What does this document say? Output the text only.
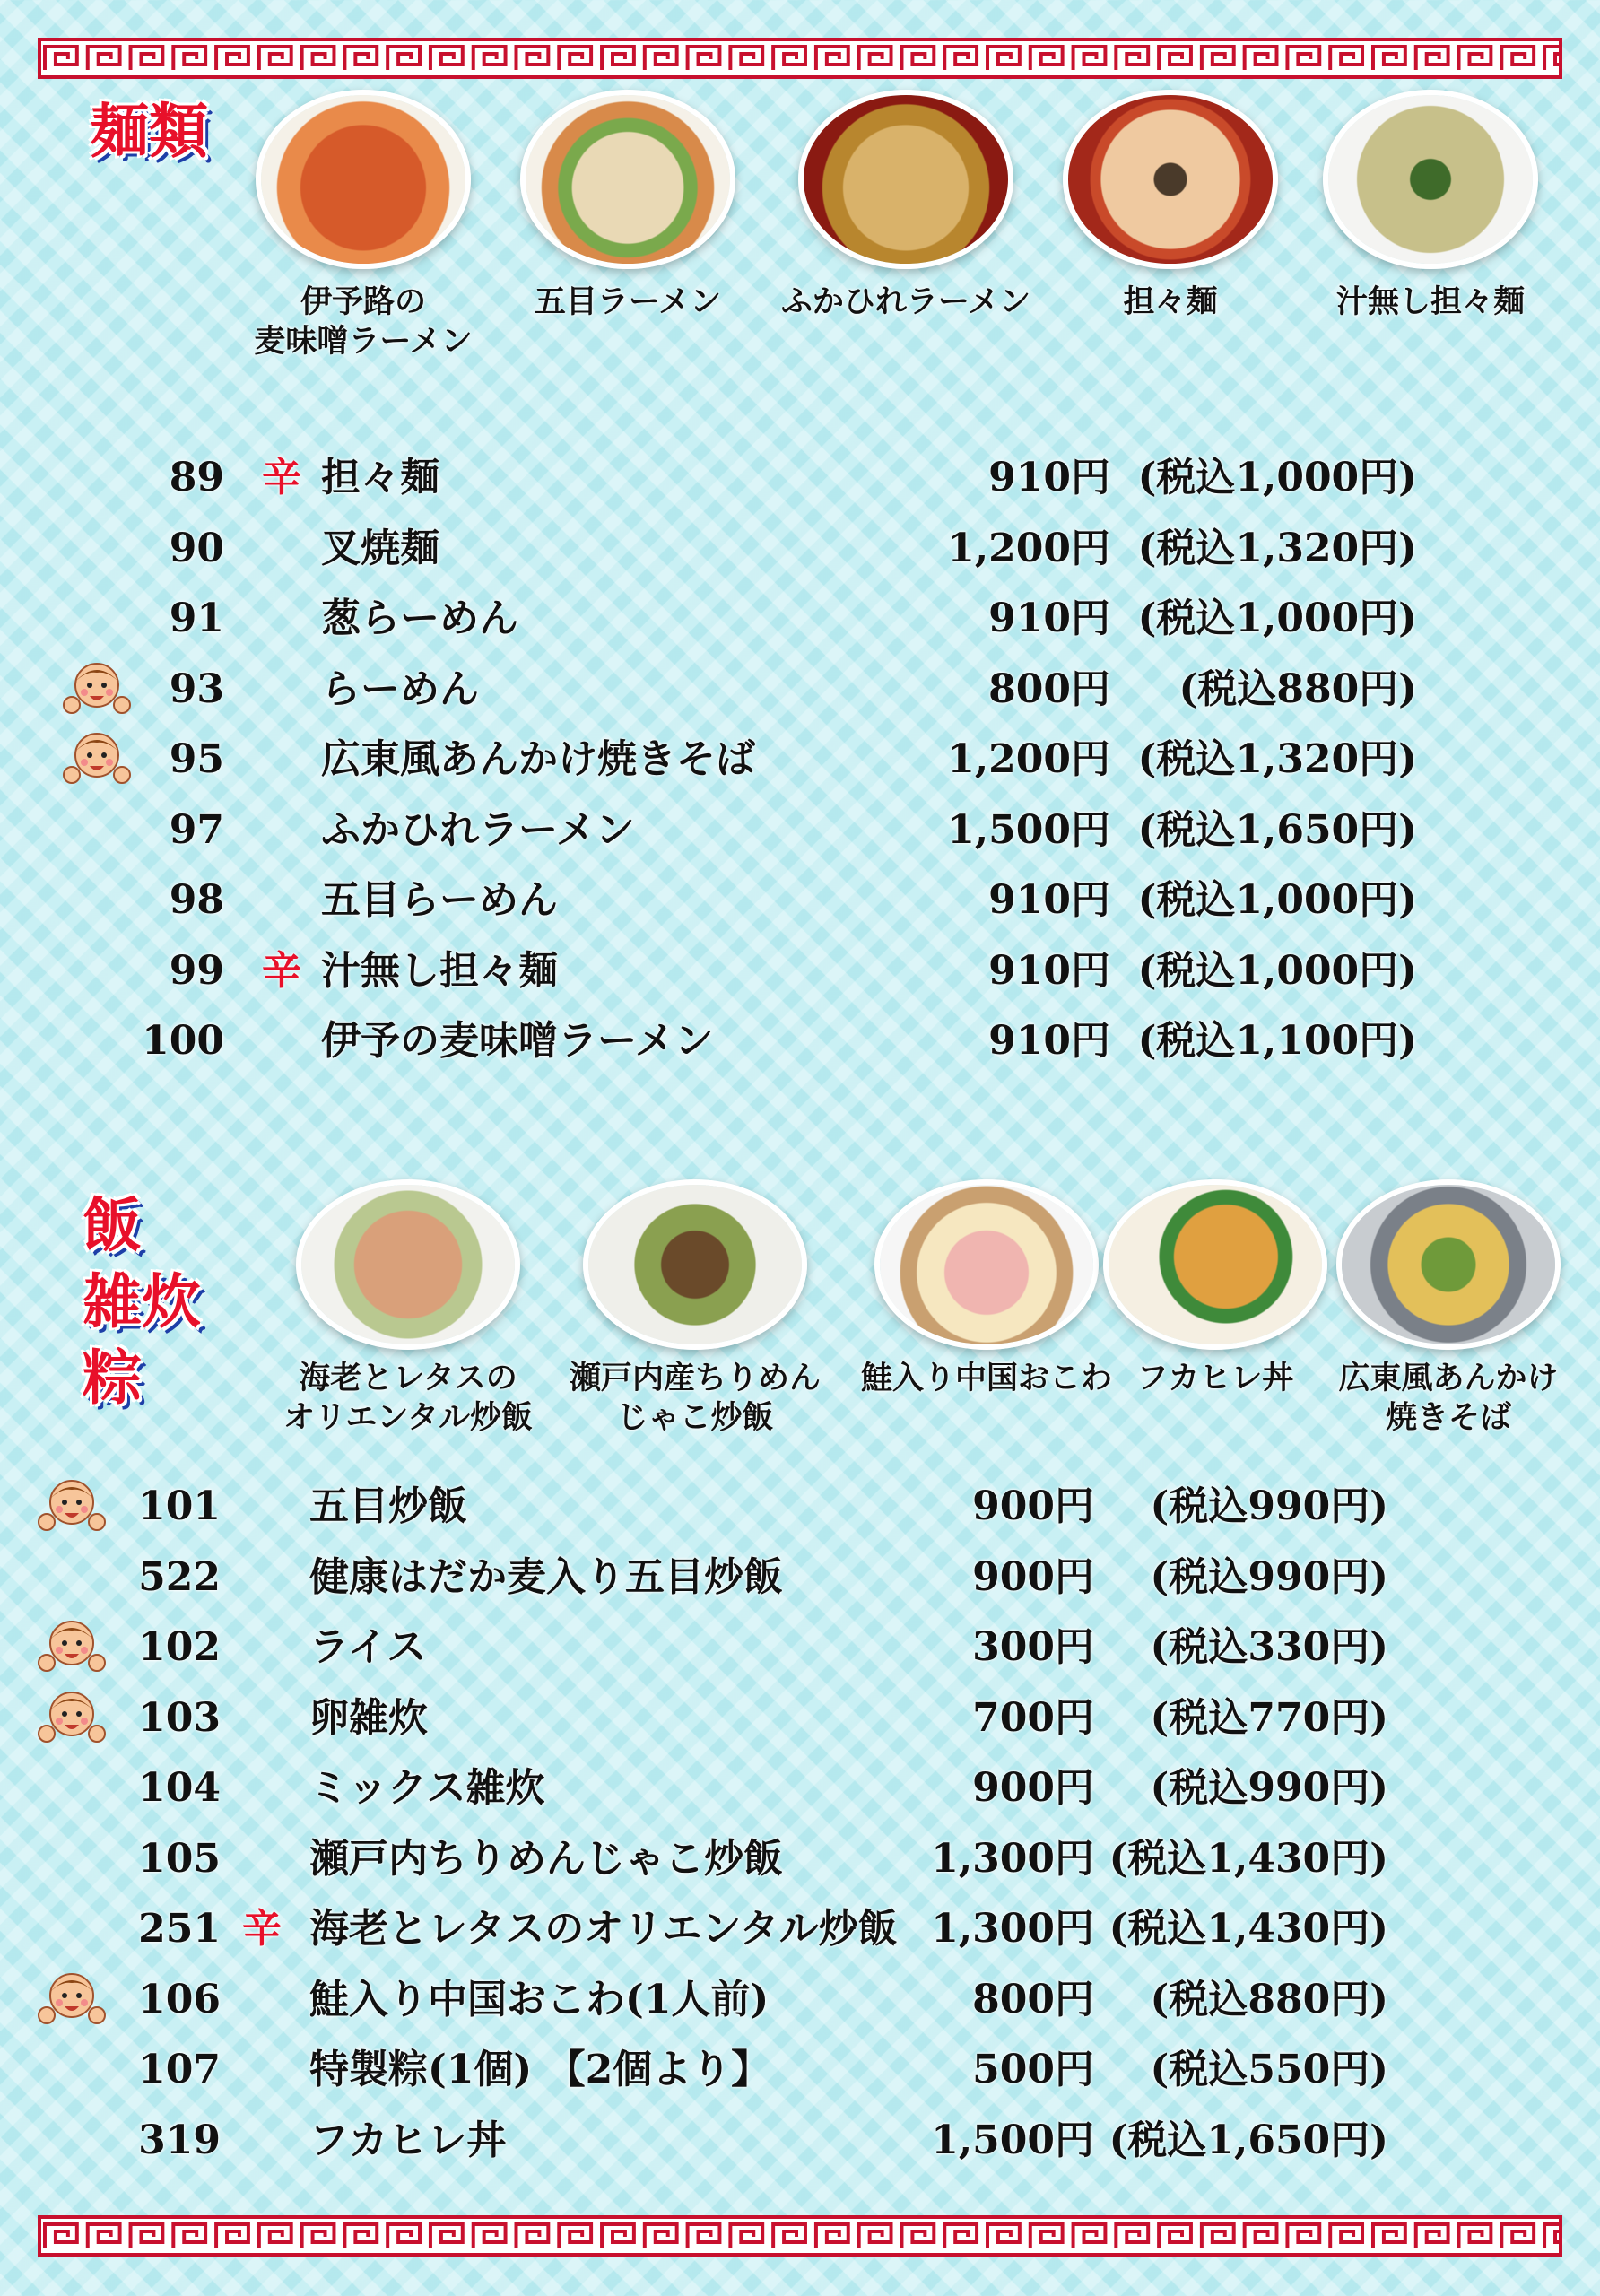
麺類
伊予路の
麦味噌ラーメン
五目ラーメン	ふかひれラーメン	担々麺	汁無し担々麺
89 辛 担々麺	910円 (税込1,000円)
90 叉焼麺	1,200円 (税込1,320円)
91 葱らーめん	910円 (税込1,000円)
93 らーめん	800円 (税込880円)
95 広東風あんかけ焼きそば	1,200円 (税込1,320円)
97 ふかひれラーメン	1,500円 (税込1,650円)
98 五目らーめん	910円 (税込1,000円)
99 辛 汁無し担々麺	910円 (税込1,000円)
100 伊予の麦味噌ラーメン	910円 (税込1,100円)
飯
雑炊
粽	海老とレタスの
オリエンタル炒飯
瀬戸内産ちりめん
じゃこ炒飯
鮭入り中国おこわ フカヒレ丼	広東風あんかけ
焼きそば
101 五目炒飯	900円 (税込990円)
522 健康はだか麦入り五目炒飯	900円 (税込990円)
102 ライス	300円 (税込330円)
103 卵雑炊	700円 (税込770円)
104 ミックス雑炊	900円 (税込990円)
105 瀬戸内ちりめんじゃこ炒飯	1,300円 (税込1,430円)
251 辛 海老とレタスのオリエンタル炒飯 1,300円 (税込1,430円)
106 鮭入り中国おこわ(1人前)	800円 (税込880円)
107 特製粽(1個) 【2個より】	500円 (税込550円)
319 フカヒレ丼	1,500円 (税込1,650円)
